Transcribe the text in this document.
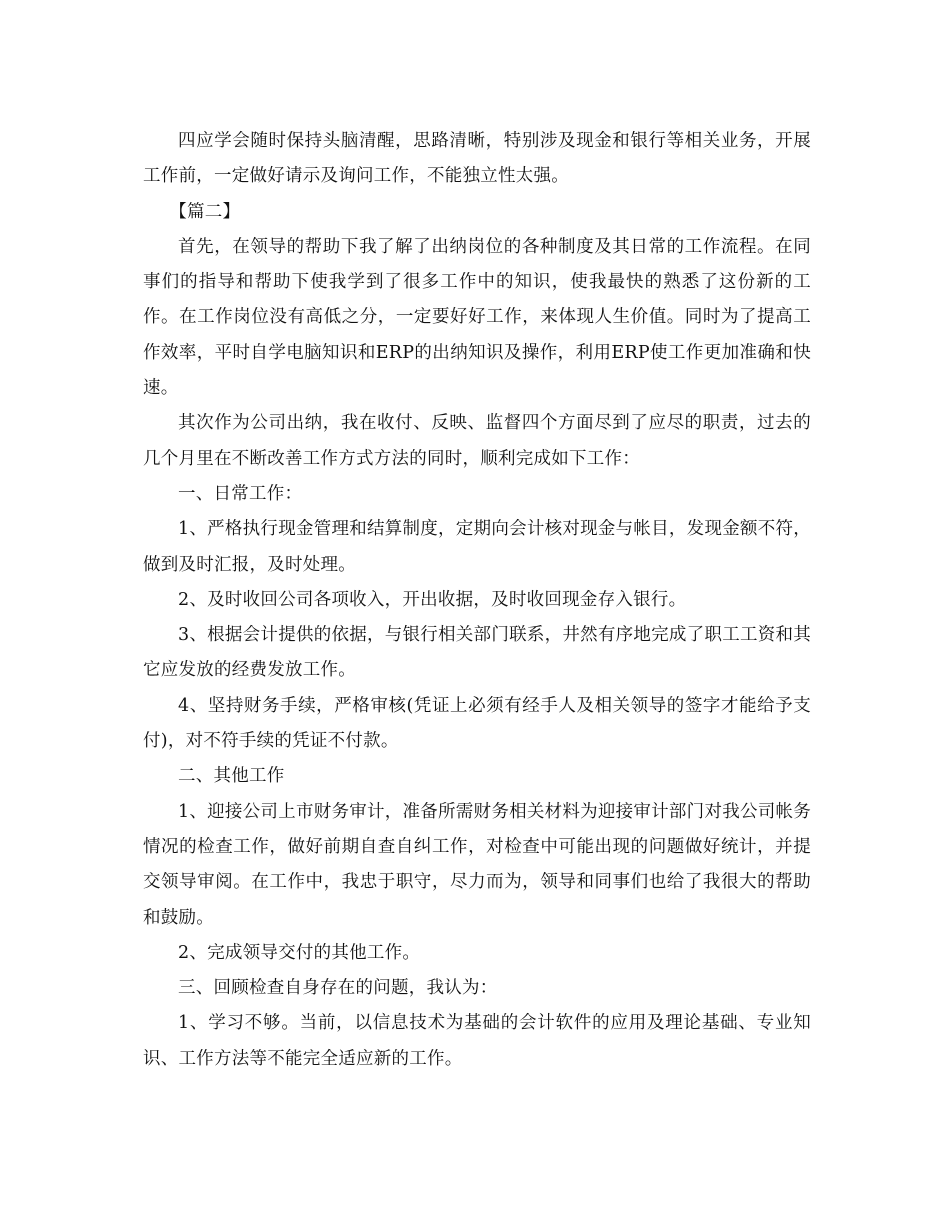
四应学会随时保持头脑清醒，思路清晰，特别涉及现金和银行等相关业务，开展工作前，一定做好请示及询问工作，不能独立性太强。

【篇二】

首先，在领导的帮助下我了解了出纳岗位的各种制度及其日常的工作流程。在同事们的指导和帮助下使我学到了很多工作中的知识，使我最快的熟悉了这份新的工作。在工作岗位没有高低之分，一定要好好工作，来体现人生价值。同时为了提高工作效率，平时自学电脑知识和ERP的出纳知识及操作，利用ERP使工作更加准确和快速。

其次作为公司出纳，我在收付、反映、监督四个方面尽到了应尽的职责，过去的几个月里在不断改善工作方式方法的同时，顺利完成如下工作：

一、日常工作：

1、严格执行现金管理和结算制度，定期向会计核对现金与帐目，发现金额不符，做到及时汇报，及时处理。

2、及时收回公司各项收入，开出收据，及时收回现金存入银行。

3、根据会计提供的依据，与银行相关部门联系，井然有序地完成了职工工资和其它应发放的经费发放工作。

4、坚持财务手续，严格审核(凭证上必须有经手人及相关领导的签字才能给予支付)，对不符手续的凭证不付款。

二、其他工作

1、迎接公司上市财务审计，准备所需财务相关材料为迎接审计部门对我公司帐务情况的检查工作，做好前期自查自纠工作，对检查中可能出现的问题做好统计，并提交领导审阅。在工作中，我忠于职守，尽力而为，领导和同事们也给了我很大的帮助和鼓励。

2、完成领导交付的其他工作。

三、回顾检查自身存在的问题，我认为：

1、学习不够。当前，以信息技术为基础的会计软件的应用及理论基础、专业知识、工作方法等不能完全适应新的工作。
